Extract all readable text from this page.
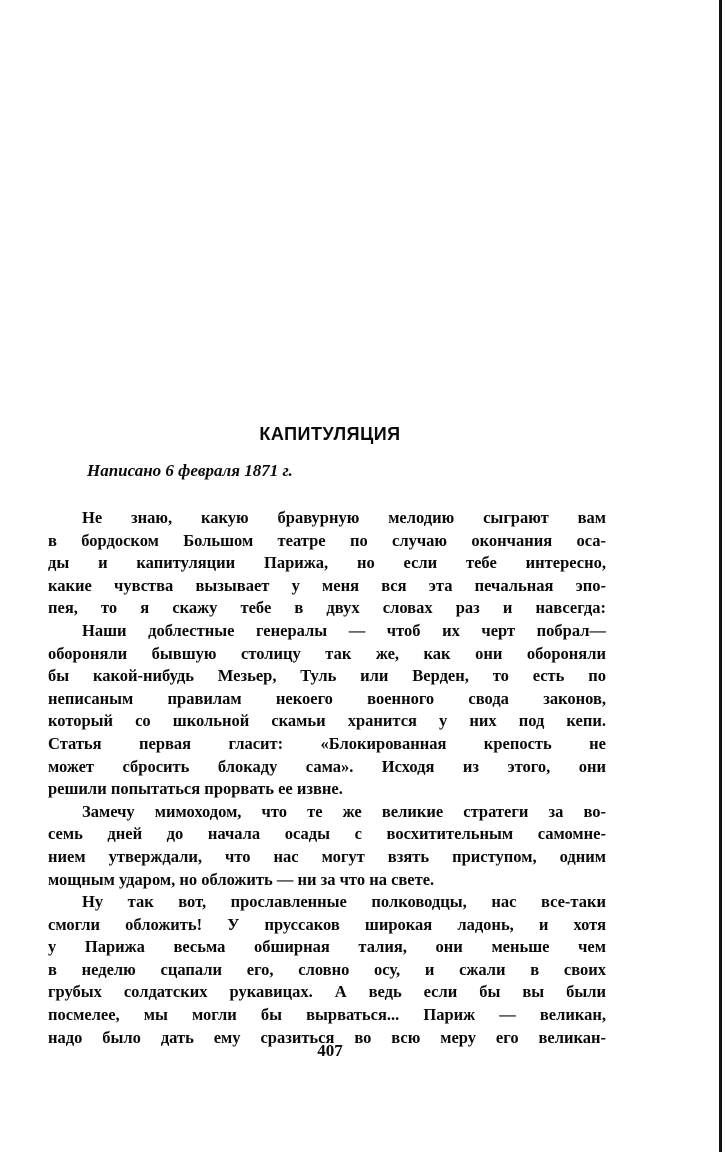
КАПИТУЛЯЦИЯ
Написано 6 февраля 1871 г.
Не знаю, какую бравурную мелодию сыграют вам
в бордоском Большом театре по случаю окончания оса-
ды и капитуляции Парижа, но если тебе интересно,
какие чувства вызывает у меня вся эта печальная эпо-
пея, то я скажу тебе в двух словах раз и навсегда:
Наши доблестные генералы — чтоб их черт побрал—
обороняли бывшую столицу так же, как они обороняли
бы какой-нибудь Мезьер, Туль или Верден, то есть по
неписаным правилам некоего военного свода законов,
который со школьной скамьи хранится у них под кепи.
Статья первая гласит: «Блокированная крепость не
может сбросить блокаду сама». Исходя из этого, они
решили попытаться прорвать ее извне.
Замечу мимоходом, что те же великие стратеги за во-
семь дней до начала осады с восхитительным самомне-
нием утверждали, что нас могут взять приступом, одним
мощным ударом, но обложить — ни за что на свете.
Ну так вот, прославленные полководцы, нас все-таки
смогли обложить! У пруссаков широкая ладонь, и хотя
у Парижа весьма обширная талия, они меньше чем
в неделю сцапали его, словно осу, и сжали в своих
грубых солдатских рукавицах. А ведь если бы вы были
посмелее, мы могли бы вырваться... Париж — великан,
надо было дать ему сразиться во всю меру его великан-
407
